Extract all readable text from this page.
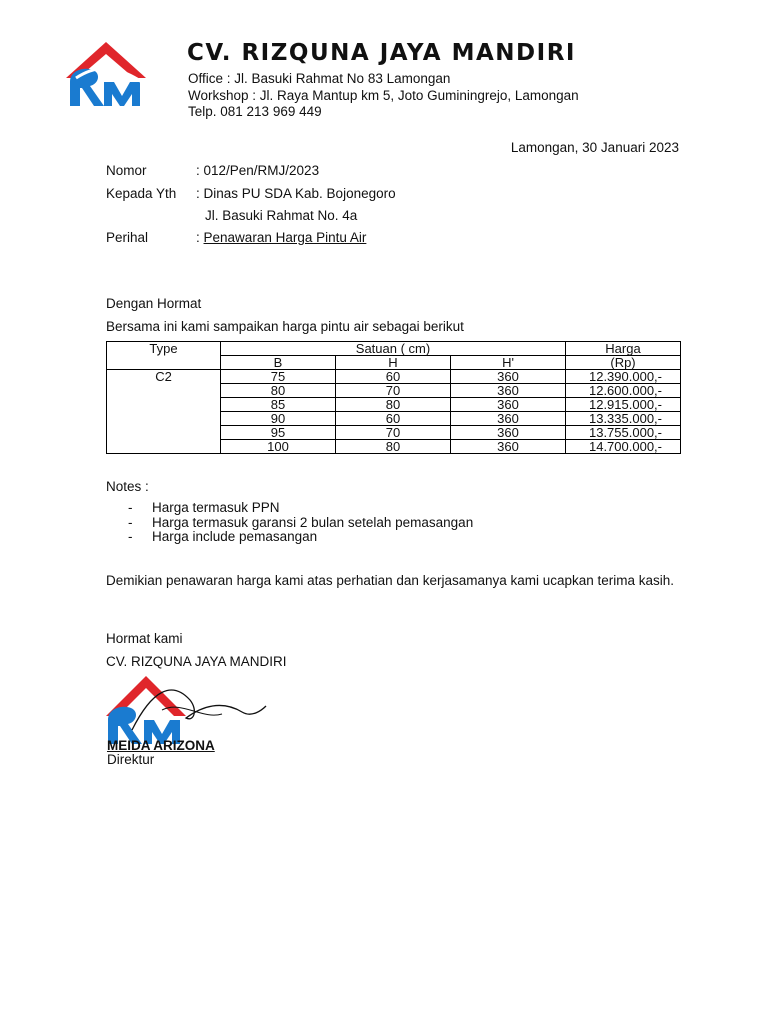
CV. RIZQUNA JAYA MANDIRI
Office : Jl. Basuki Rahmat No 83 Lamongan
Workshop : Jl. Raya Mantup km 5, Joto Guminingrejo, Lamongan
Telp. 081 213 969 449
Lamongan, 30 Januari 2023
Nomor	: 012/Pen/RMJ/2023
Kepada Yth : Dinas PU SDA Kab. Bojonegoro
Jl. Basuki Rahmat No. 4a
Perihal	: Penawaran Harga Pintu Air
Dengan Hormat
Bersama ini kami sampaikan harga pintu air sebagai berikut
Type	Satuan ( cm)			Harga
	B	H	H'	(Rp)
C2	75	60	360	12.390.000,-
	80	70	360	12.600.000,-
	85	80	360	12.915.000,-
	90	60	360	13.335.000,-
	95	70	360	13.755.000,-
	100	80	360	14.700.000,-
Notes :
- Harga termasuk PPN
- Harga termasuk garansi 2 bulan setelah pemasangan
- Harga include pemasangan
Demikian penawaran harga kami atas perhatian dan kerjasamanya kami ucapkan terima kasih.
Hormat kami
CV. RIZQUNA JAYA MANDIRI
MEIDA ARIZONA
Direktur
